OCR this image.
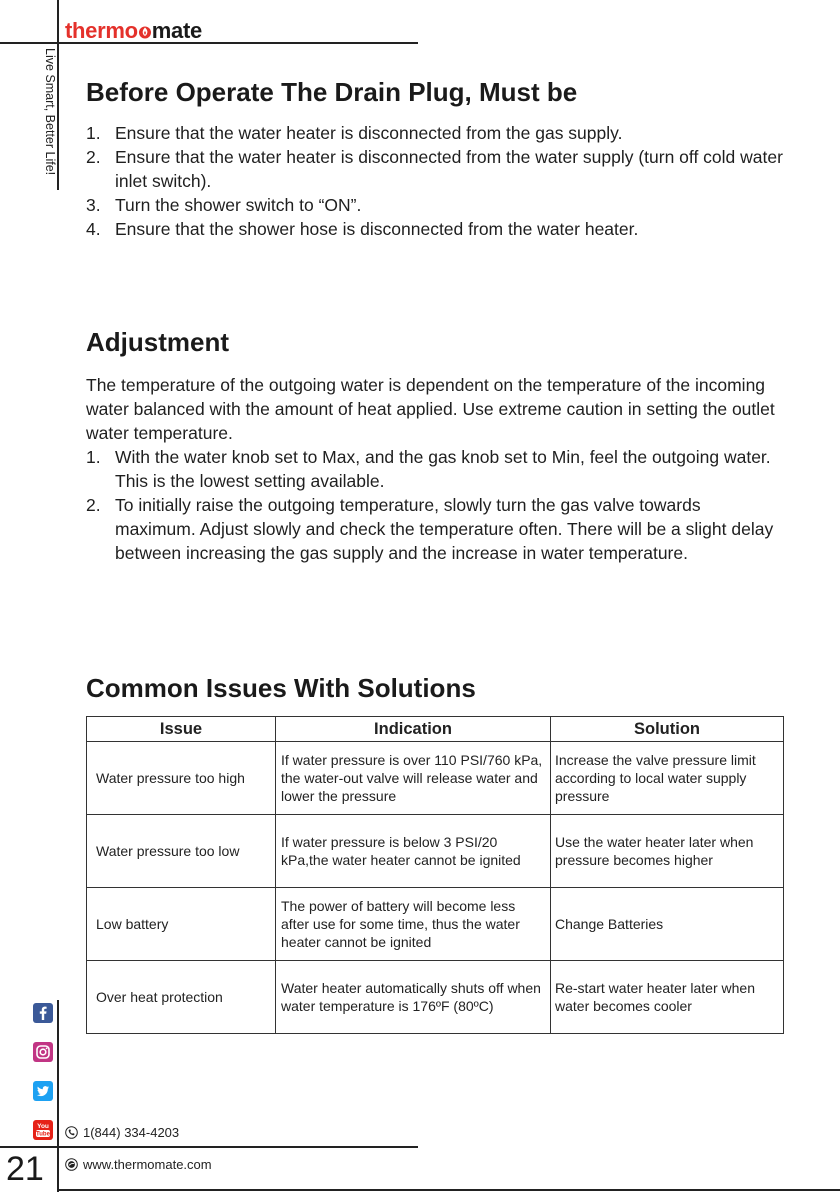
thermo mate
Live Smart, Better Life! Before Operate The Drain Plug, Must be
1. Ensure that the water heater is disconnected from the gas supply.
2. Ensure that the water heater is disconnected from the water supply (turn off cold water inlet switch).
3. Turn the shower switch to “ON”.
4. Ensure that the shower hose is disconnected from the water heater.
Adjustment

The temperature of the outgoing water is dependent on the temperature of the incoming water balanced with the amount of heat applied. Use extreme caution in setting the outlet water temperature.

1. With the water knob set to Max, and the gas knob set to Min, feel the outgoing water. This is the lowest setting available.
2. To initially raise the outgoing temperature, slowly turn the gas valve towards maximum. Adjust slowly and check the temperature often. There will be a slight delay between increasing the gas supply and the increase in water temperature.
Common Issues With Solutions
Issue	Indication	Solution
Water pressure too high	If water pressure is over 110 PSI/760 kPa, the water-out valve will release water and lower the pressure	Increase the valve pressure limit according to local water supply pressure
Water pressure too low	If water pressure is below 3 PSI/20 kPa,the water heater cannot be ignited	Use the water heater later when pressure becomes higher
Low battery	The power of battery will become less after use for some time, thus the water heater cannot be ignited	Change Batteries
Over heat protection	Water heater automatically shuts off when water temperature is 176ºF (80ºC)	Re-start water heater later when water becomes cooler
You
Tube	1(844) 334-4203
www.thermomate.com
21
